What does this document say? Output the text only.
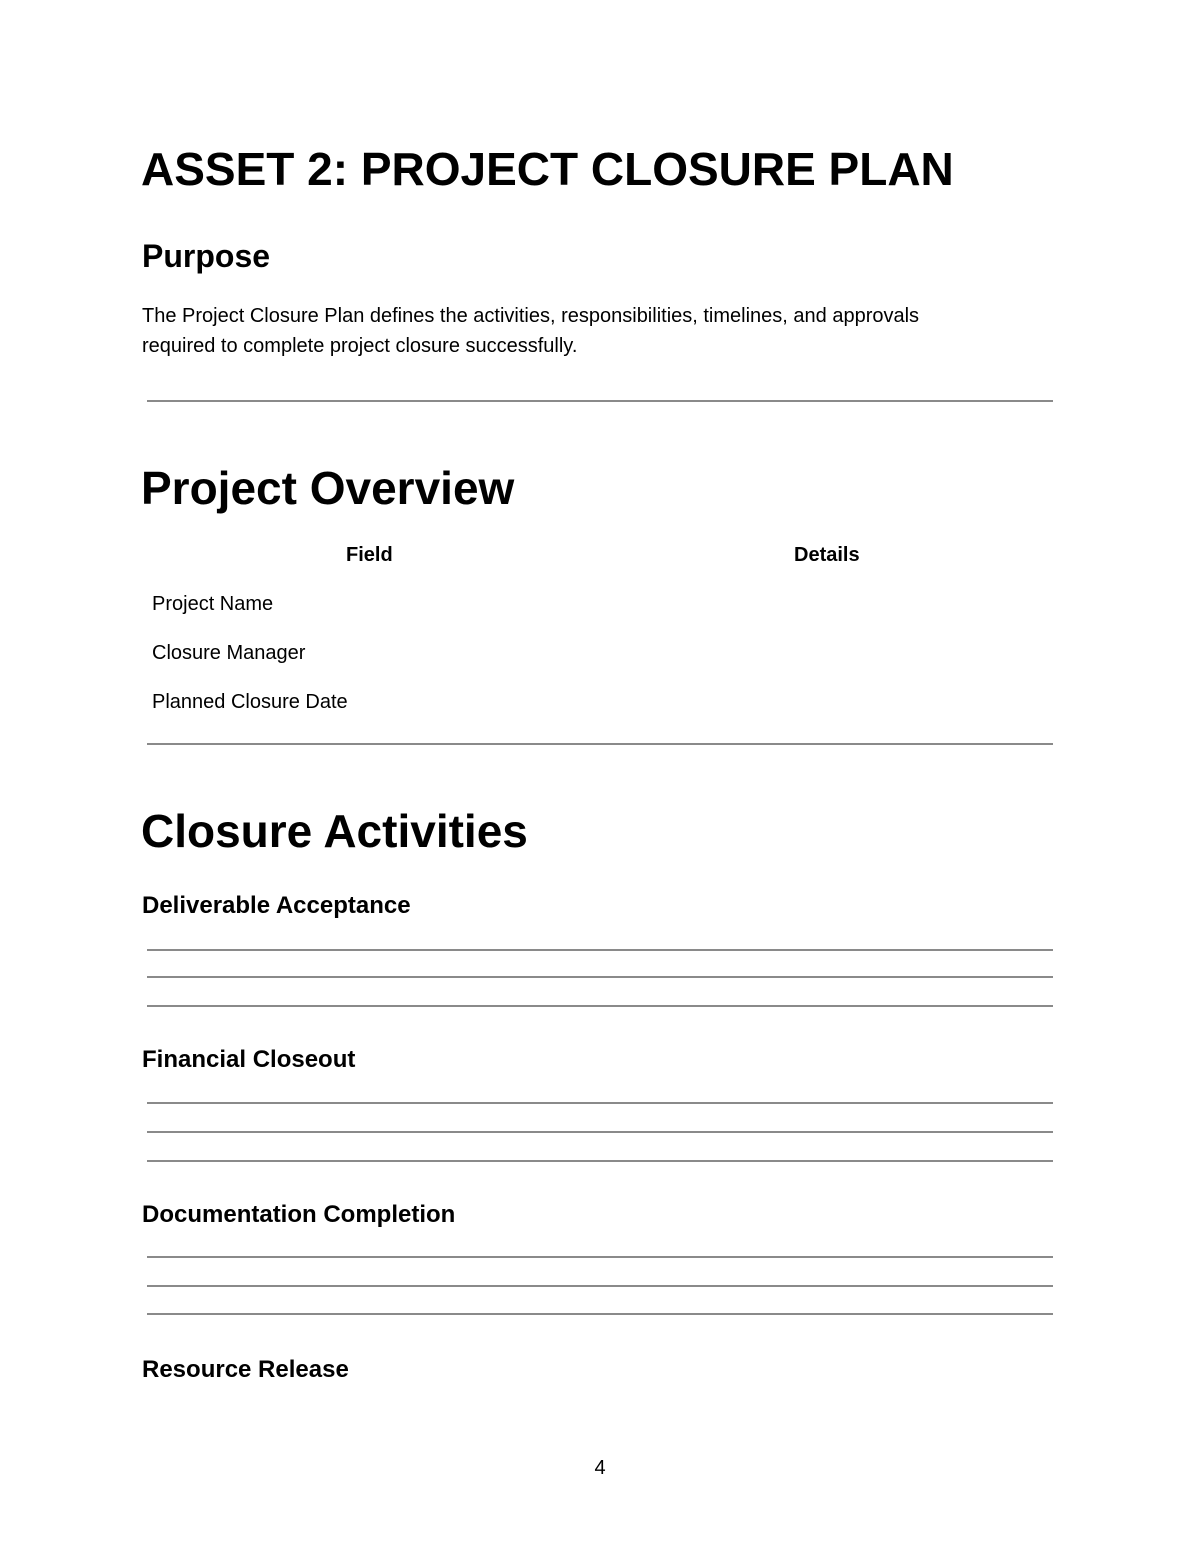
ASSET 2: PROJECT CLOSURE PLAN
Purpose

The Project Closure Plan defines the activities, responsibilities, timelines, and approvals
required to complete project closure successfully.

Project Overview
Field	Details
Project Name
Closure Manager
Planned Closure Date
Closure Activities
Deliverable Acceptance
Financial Closeout
Documentation Completion
Resource Release
4
